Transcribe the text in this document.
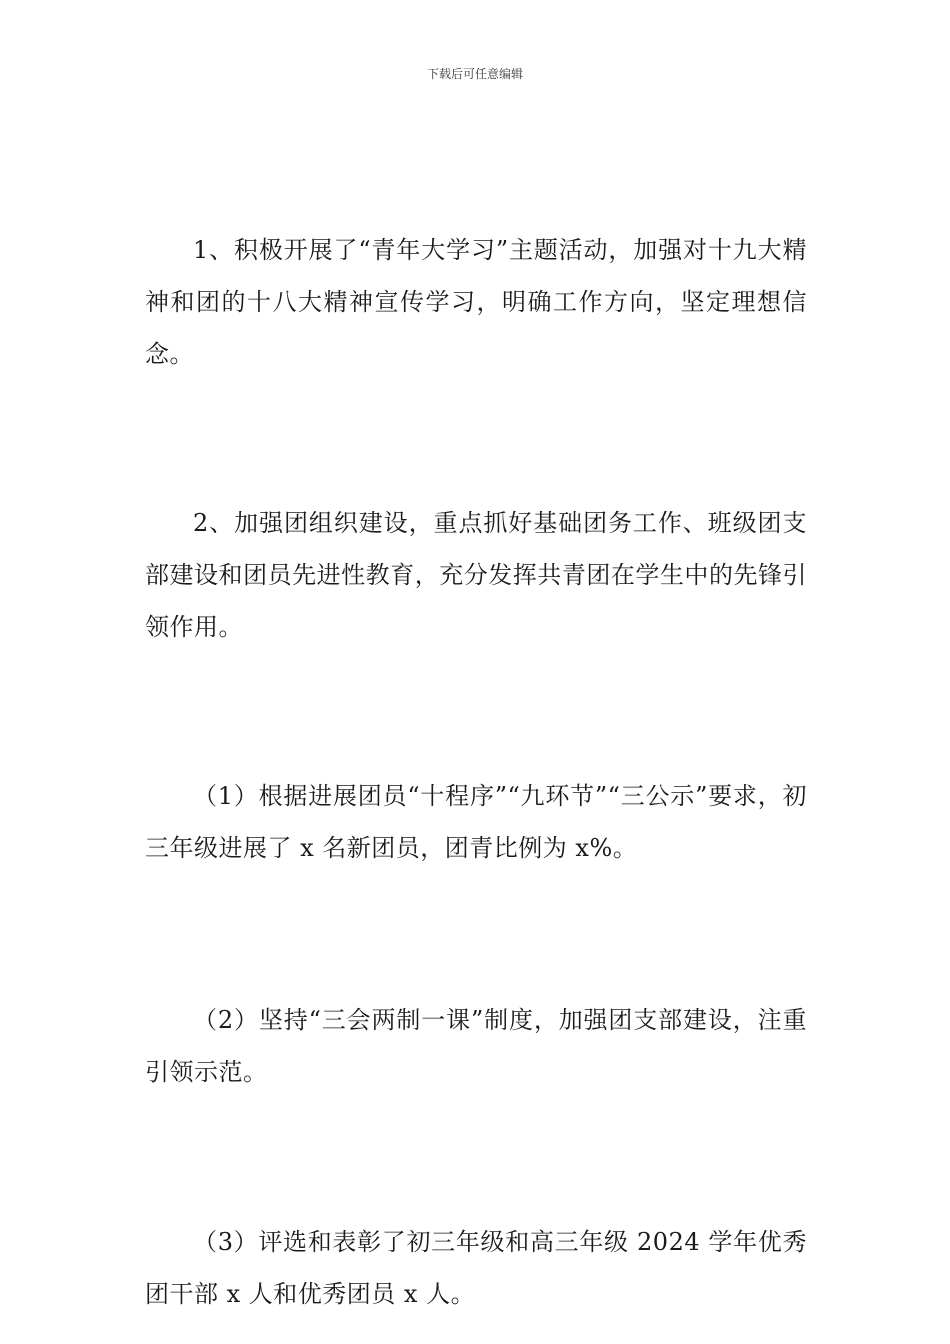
下载后可任意编辑

1、积极开展了“青年大学习”主题活动，加强对十九大精神和团的十八大精神宣传学习，明确工作方向，坚定理想信念。

2、加强团组织建设，重点抓好基础团务工作、班级团支部建设和团员先进性教育，充分发挥共青团在学生中的先锋引领作用。

（1）根据进展团员“十程序”“九环节”“三公示”要求，初三年级进展了 x 名新团员，团青比例为 x%。

（2）坚持“三会两制一课”制度，加强团支部建设，注重引领示范。

（3）评选和表彰了初三年级和高三年级 2024 学年优秀团干部 x 人和优秀团员 x 人。
